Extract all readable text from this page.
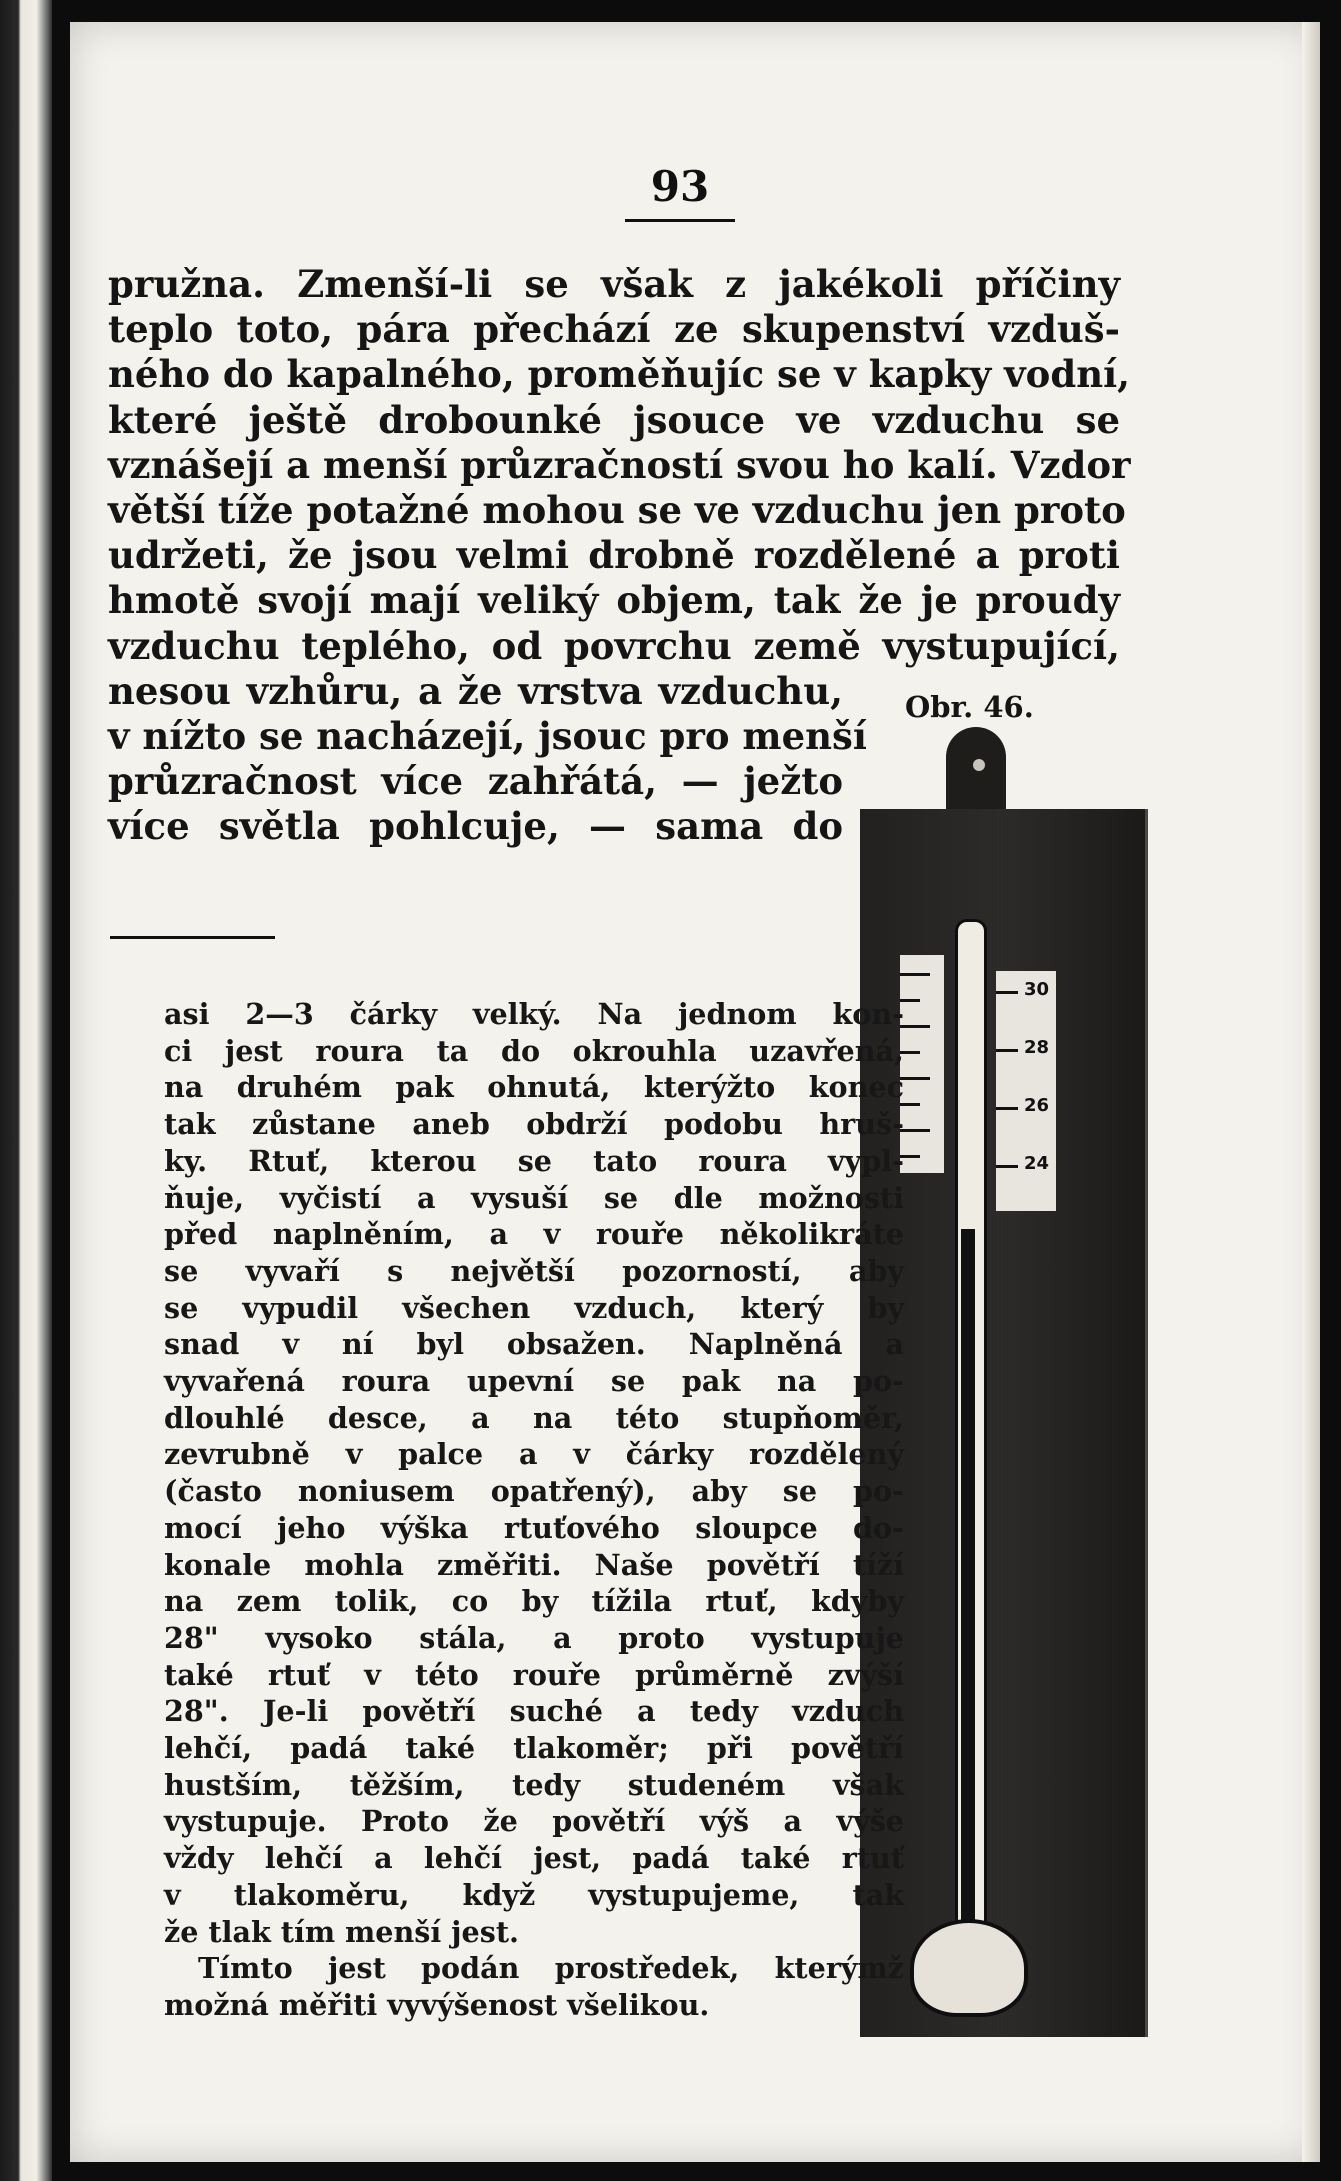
93
pružna. Zmenší-li se však z jakékoli příčiny
teplo toto, pára přechází ze skupenství vzduš-
ného do kapalného, proměňujíc se v kapky vodní,
které ještě drobounké jsouce ve vzduchu se
vznášejí a menší průzračností svou ho kalí. Vzdor
větší tíže potažné mohou se ve vzduchu jen proto
udržeti, že jsou velmi drobně rozdělené a proti
hmotě svojí mají veliký objem, tak že je proudy
vzduchu teplého, od povrchu země vystupující,
nesou vzhůru, a že vrstva vzduchu,
v nížto se nacházejí, jsouc pro menší
průzračnost více zahřátá, — ježto
více světla pohlcuje, — sama do
Obr. 46.
30
28
26
24
asi 2—3 čárky velký. Na jednom kon-
ci jest roura ta do okrouhla uzavřená,
na druhém pak ohnutá, kterýžto konec
tak zůstane aneb obdrží podobu hruš-
ky. Rtuť, kterou se tato roura vypl-
ňuje, vyčistí a vysuší se dle možnosti
před naplněním, a v rouře několikráte
se vyvaří s největší pozorností, aby
se vypudil všechen vzduch, který by
snad v ní byl obsažen. Naplněná a
vyvařená roura upevní se pak na po-
dlouhlé desce, a na této stupňoměr,
zevrubně v palce a v čárky rozdělený
(často noniusem opatřený), aby se po-
mocí jeho výška rtuťového sloupce do-
konale mohla změřiti. Naše povětří tíží
na zem tolik, co by tížila rtuť, kdyby
28" vysoko stála, a proto vystupuje
také rtuť v této rouře průměrně zvýší
28". Je-li povětří suché a tedy vzduch
lehčí, padá také tlakoměr; při povětří
hustším, těžším, tedy studeném však
vystupuje. Proto že povětří výš a výše
vždy lehčí a lehčí jest, padá také rtuť
v tlakoměru, když vystupujeme, tak
že tlak tím menší jest.
Tímto jest podán prostředek, kterýmž
možná měřiti vyvýšenost všelikou.
